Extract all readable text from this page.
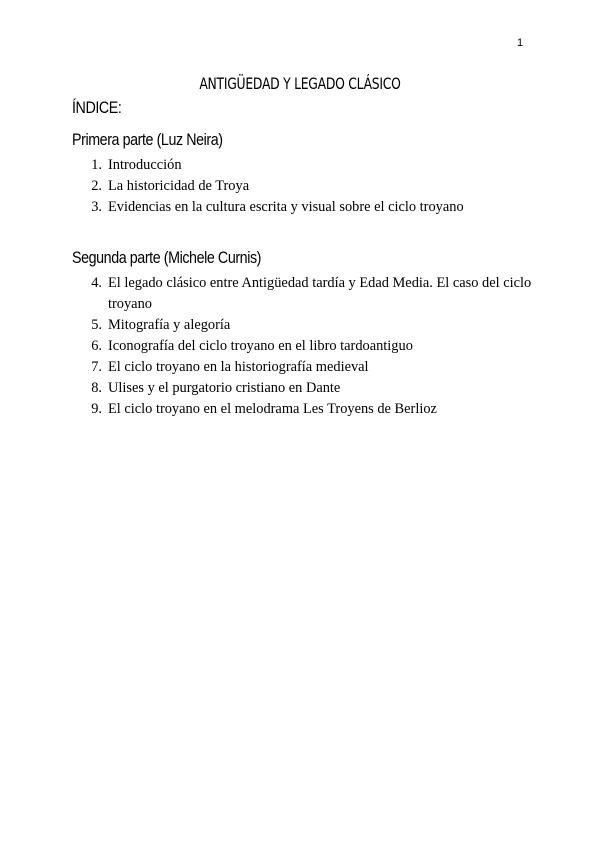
1
ANTIGÜEDAD Y LEGADO CLÁSICO
ÍNDICE:
Primera parte (Luz Neira)
1. Introducción
2. La historicidad de Troya
3. Evidencias en la cultura escrita y visual sobre el ciclo troyano
Segunda parte (Michele Curnis)
4. El legado clásico entre Antigüedad tardía y Edad Media. El caso del ciclo troyano
5. Mitografía y alegoría
6. Iconografía del ciclo troyano en el libro tardoantiguo
7. El ciclo troyano en la historiografía medieval
8. Ulises y el purgatorio cristiano en Dante
9. El ciclo troyano en el melodrama Les Troyens de Berlioz
